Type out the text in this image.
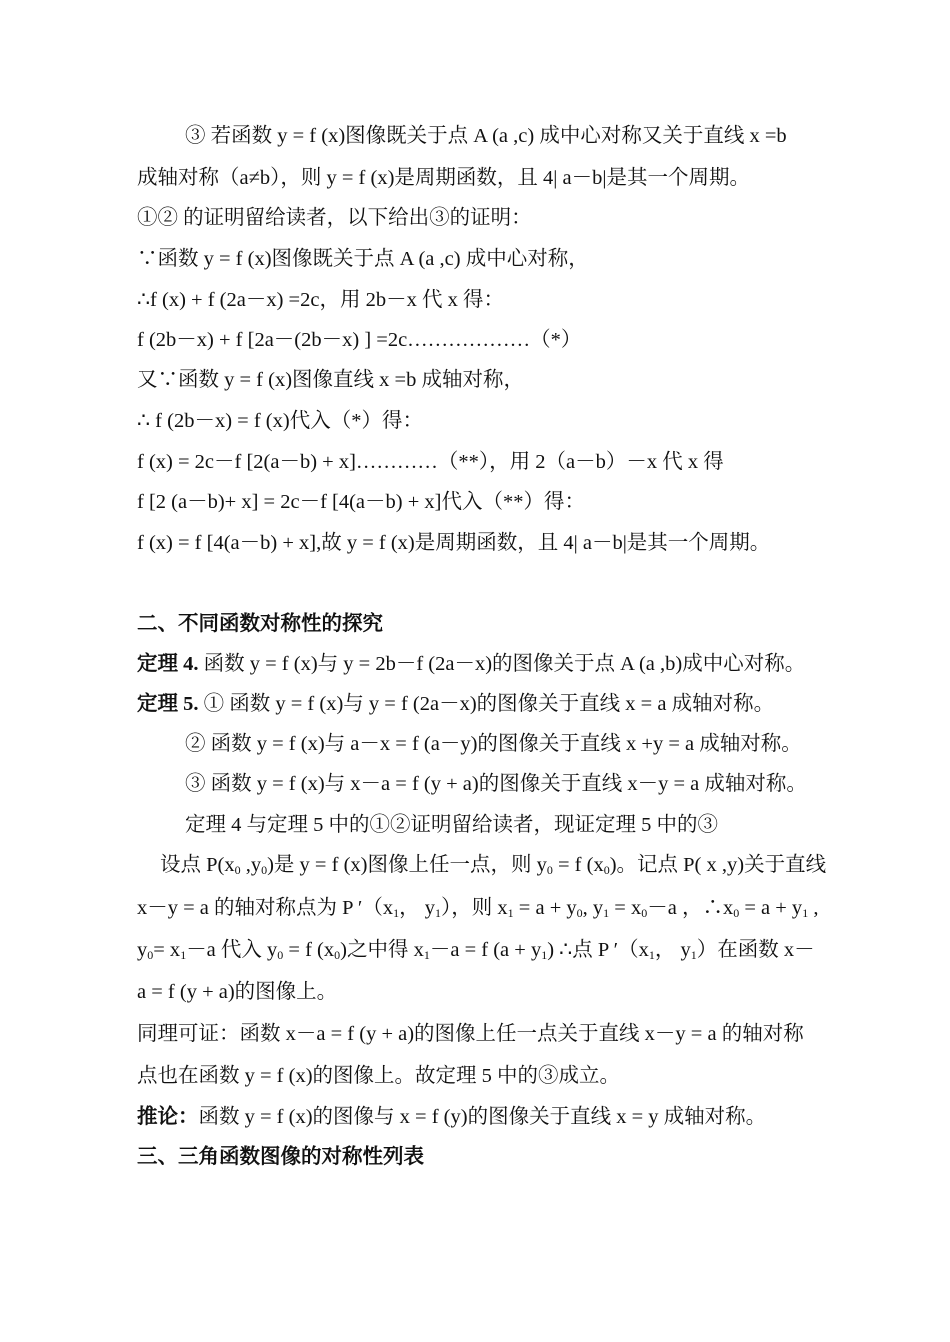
③ 若函数 y = f (x)图像既关于点 A (a ,c) 成中心对称又关于直线 x =b
成轴对称（a≠b），则 y = f (x)是周期函数，且 4| a－b|是其一个周期。
①② 的证明留给读者，以下给出③的证明：
∵函数 y = f (x)图像既关于点 A (a ,c) 成中心对称，
∴f (x) + f (2a－x) =2c，用 2b－x 代 x 得：
f (2b－x) + f [2a－(2b－x) ] =2c………………（*）
又∵函数 y = f (x)图像直线 x =b 成轴对称，
∴ f (2b－x) = f (x)代入（*）得：
f (x) = 2c－f [2(a－b) + x]…………（**），用 2（a－b）－x 代 x 得
f [2 (a－b)+ x] = 2c－f [4(a－b) + x]代入（**）得：
f (x) = f [4(a－b) + x],故 y = f (x)是周期函数，且 4| a－b|是其一个周期。
二、不同函数对称性的探究
定理 4. 函数 y = f (x)与 y = 2b－f (2a－x)的图像关于点 A (a ,b)成中心对称。
定理 5. ① 函数 y = f (x)与 y = f (2a－x)的图像关于直线 x = a 成轴对称。
② 函数 y = f (x)与 a－x = f (a－y)的图像关于直线 x +y = a 成轴对称。
③ 函数 y = f (x)与 x－a = f (y + a)的图像关于直线 x－y = a 成轴对称。
定理 4 与定理 5 中的①②证明留给读者，现证定理 5 中的③
设点 $P(x_0$ $,y_0$)是 y = f (x)图像上任一点，则 $y_0 = f$ $(x_0)$。记点 P( x ,y)关于直线
x－y = a 的轴对称点为 P $'(x_1$， $y_1$），则 $x_1 = a + y_0$, $y_1 = x_0-a$ ，$\therefore x_0 = a + y_1$ ,
$y_0= x_1-a$ 代入 $y_0 = f$ $(x_0)$之中得 $x_1-a = f$ $(a + y_1)$ ∴点 P $'(x_1$， $y_1$）在函数 x－
a = f (y + a)的图像上。
同理可证：函数 x－a = f (y + a)的图像上任一点关于直线 x－y = a 的轴对称
点也在函数 y = f (x)的图像上。故定理 5 中的③成立。
推论：函数 y = f (x)的图像与 x = f (y)的图像关于直线 x = y 成轴对称。
三、三角函数图像的对称性列表
